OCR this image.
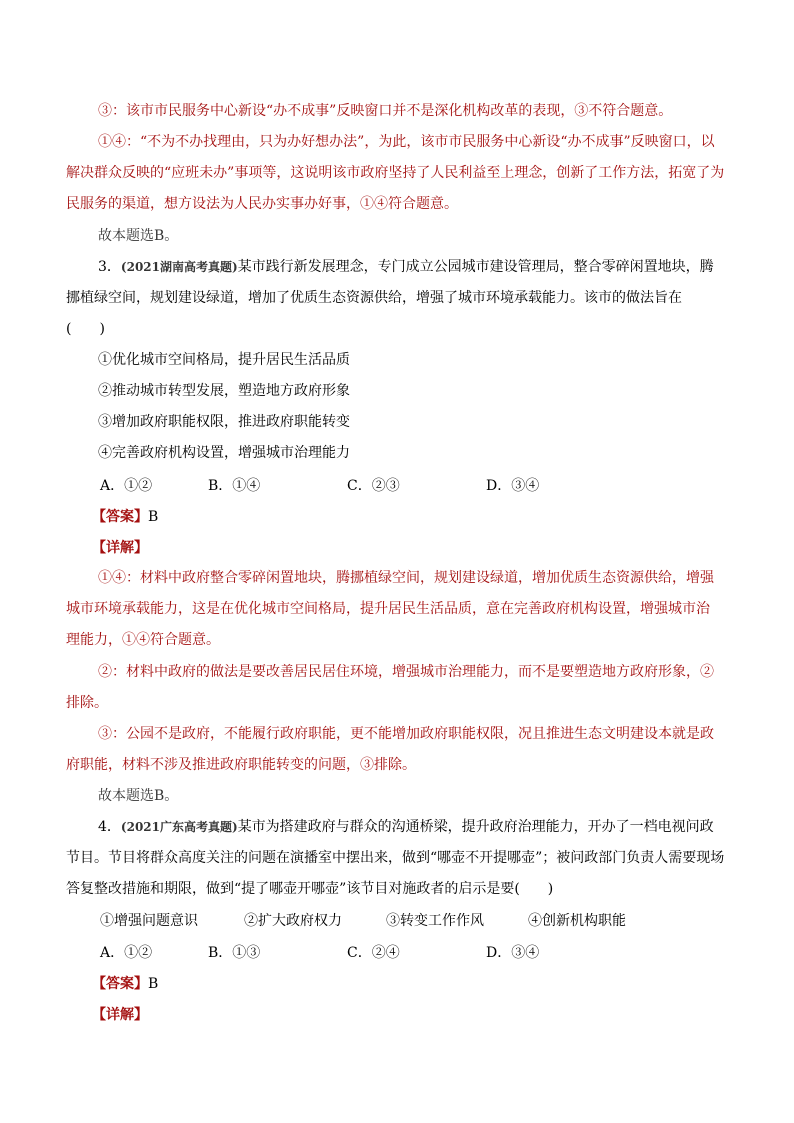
③：该市市民服务中心新设“办不成事”反映窗口并不是深化机构改革的表现，③不符合题意。
①④：“不为不办找理由，只为办好想办法”，为此，该市市民服务中心新设“办不成事”反映窗口，以
解决群众反映的“应班未办”事项等，这说明该市政府坚持了人民利益至上理念，创新了工作方法，拓宽了为
民服务的渠道，想方设法为人民办实事办好事，①④符合题意。
故本题选B。
3．(2021湖南高考真题)某市践行新发展理念，专门成立公园城市建设管理局，整合零碎闲置地块，腾
挪植绿空间，规划建设绿道，增加了优质生态资源供给，增强了城市环境承载能力。该市的做法旨在
(　　)
①优化城市空间格局，提升居民生活品质
②推动城市转型发展，塑造地方政府形象
③增加政府职能权限，推进政府职能转变
④完善政府机构设置，增强城市治理能力
A．①②	B．①④	C．②③	D．③④
【答案】B
【详解】
①④：材料中政府整合零碎闲置地块，腾挪植绿空间，规划建设绿道，增加优质生态资源供给，增强
城市环境承载能力，这是在优化城市空间格局，提升居民生活品质，意在完善政府机构设置，增强城市治
理能力，①④符合题意。
②：材料中政府的做法是要改善居民居住环境，增强城市治理能力，而不是要塑造地方政府形象，②
排除。
③：公园不是政府，不能履行政府职能，更不能增加政府职能权限，况且推进生态文明建设本就是政
府职能，材料不涉及推进政府职能转变的问题，③排除。
故本题选B。
4．(2021广东高考真题)某市为搭建政府与群众的沟通桥梁，提升政府治理能力，开办了一档电视问政
节目。节目将群众高度关注的问题在演播室中摆出来，做到“哪壶不开提哪壶”；被问政部门负责人需要现场
答复整改措施和期限，做到“提了哪壶开哪壶”该节目对施政者的启示是要(　　)
①增强问题意识	②扩大政府权力	③转变工作作风	④创新机构职能
A．①②	B．①③	C．②④	D．③④
【答案】B
【详解】
